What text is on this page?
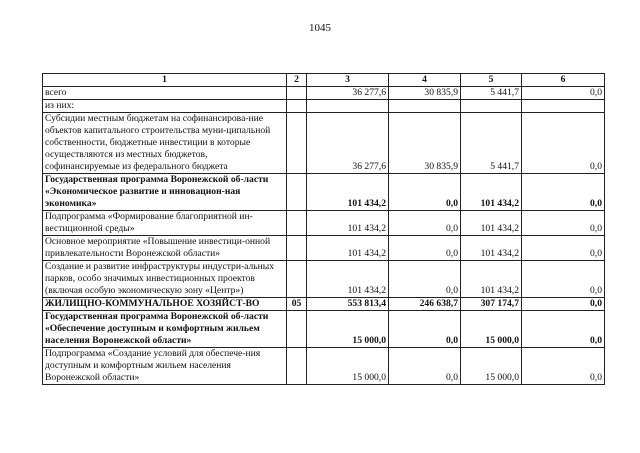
1045
1	2	3	4	5	6
всего		36 277,6	30 835,9	5 441,7	0,0
из них:					
Субсидии местным бюджетам на софинансирова-ние объектов капитального строительства муни-ципальной собственности, бюджетные инвестиции в которые осуществляются из местных бюджетов, софинансируемые из федерального бюджета		36 277,6	30 835,9	5 441,7	0,0
Государственная программа Воронежской об-ласти «Экономическое развитие и инновацион-ная экономика»		101 434,2	0,0	101 434,2	0,0
Подпрограмма «Формирование благоприятной ин-вестиционной среды»		101 434,2	0,0	101 434,2	0,0
Основное мероприятие «Повышение инвестици-онной привлекательности Воронежской области»		101 434,2	0,0	101 434,2	0,0
Создание и развитие инфраструктуры индустри-альных парков, особо значимых инвестиционных проектов (включая особую экономическую зону «Центр»)		101 434,2	0,0	101 434,2	0,0
ЖИЛИЩНО-КОММУНАЛЬНОЕ ХОЗЯЙСТ-ВО	05	553 813,4	246 638,7	307 174,7	0,0
Государственная программа Воронежской об-ласти «Обеспечение доступным и комфортным жильем населения Воронежской области»		15 000,0	0,0	15 000,0	0,0
Подпрограмма «Создание условий для обеспече-ния доступным и комфортным жильем населения Воронежской области»		15 000,0	0,0	15 000,0	0,0
